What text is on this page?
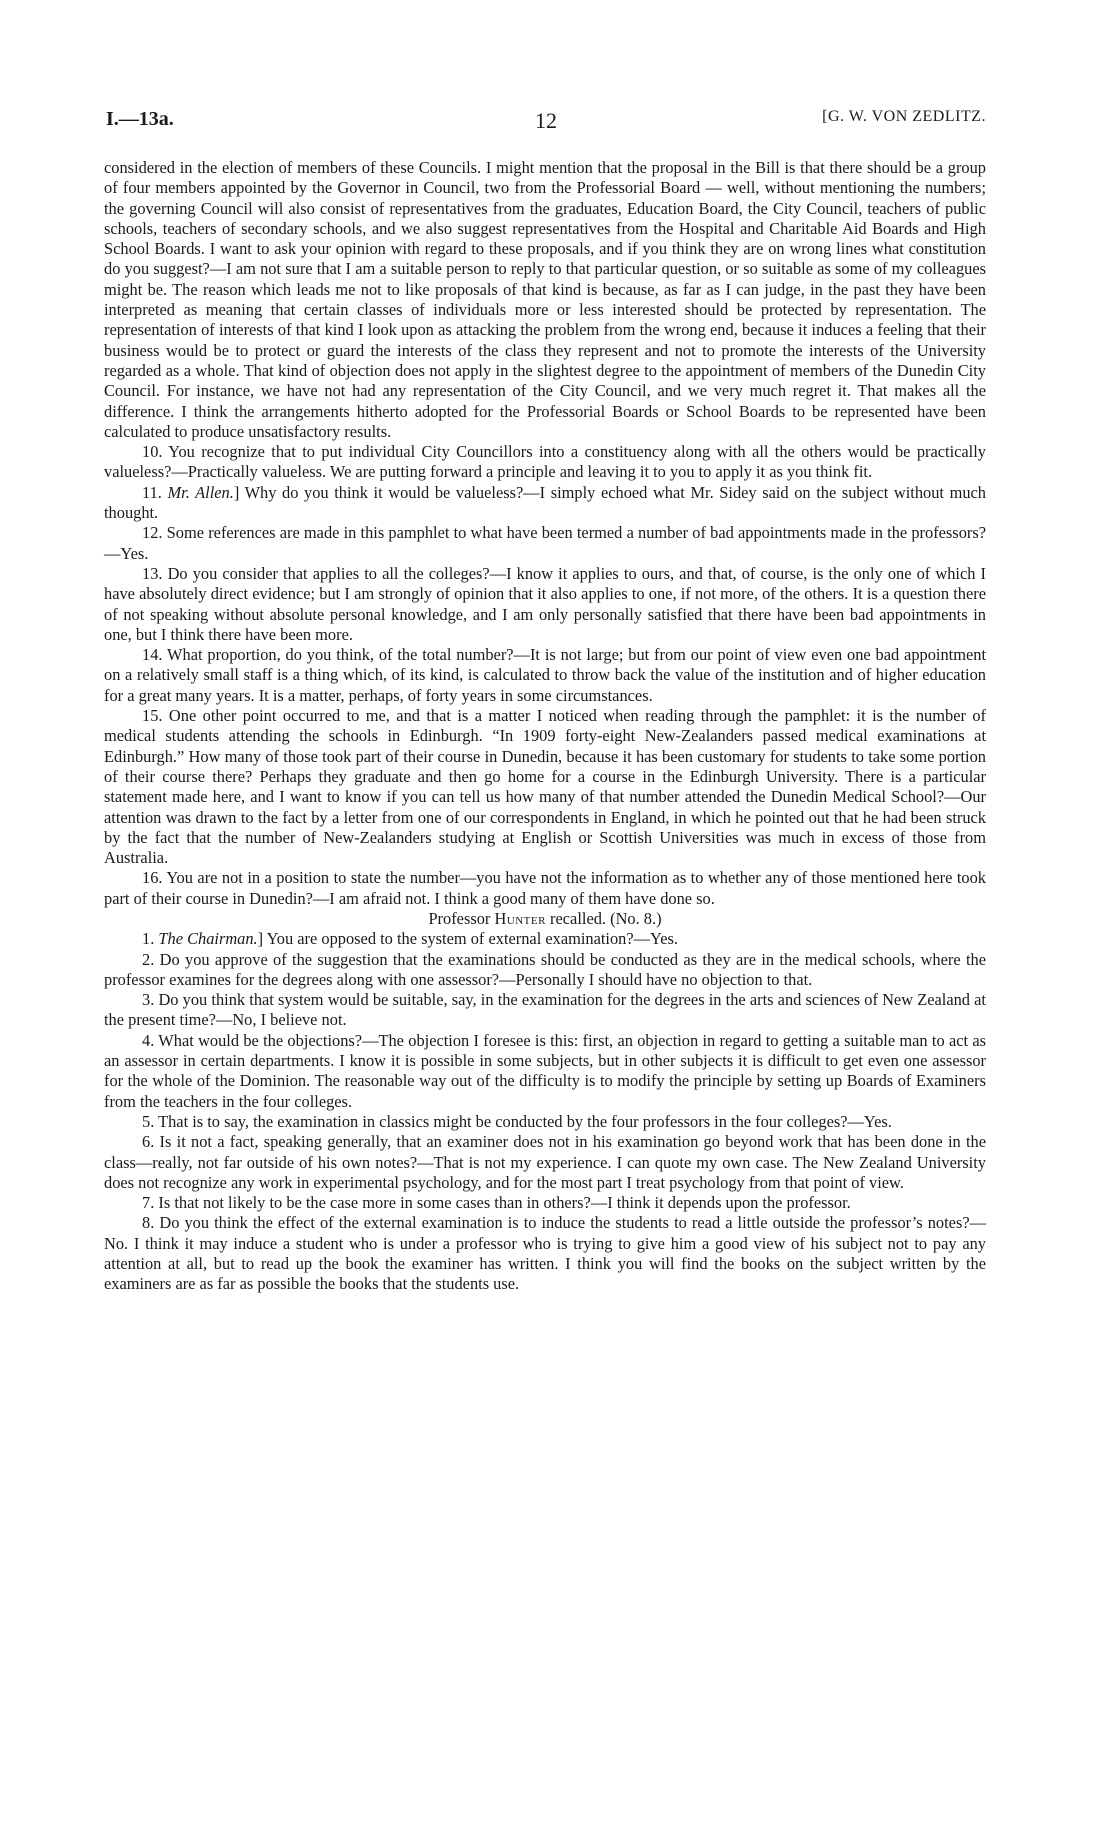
I.—13a.	12	[G. W. VON ZEDLITZ.

considered in the election of members of these Councils. I might mention that the proposal in the Bill is that there should be a group of four members appointed by the Governor in Council, two from the Professorial Board — well, without mentioning the numbers; the governing Council will also consist of representatives from the graduates, Education Board, the City Council, teachers of public schools, teachers of secondary schools, and we also suggest representatives from the Hospital and Charitable Aid Boards and High School Boards. I want to ask your opinion with regard to these proposals, and if you think they are on wrong lines what constitution do you suggest?—I am not sure that I am a suitable person to reply to that particular question, or so suitable as some of my colleagues might be. The reason which leads me not to like proposals of that kind is because, as far as I can judge, in the past they have been interpreted as meaning that certain classes of individuals more or less interested should be protected by representation. The representation of interests of that kind I look upon as attacking the problem from the wrong end, because it induces a feeling that their business would be to protect or guard the interests of the class they represent and not to promote the interests of the University regarded as a whole. That kind of objection does not apply in the slightest degree to the appointment of members of the Dunedin City Council. For instance, we have not had any representation of the City Council, and we very much regret it. That makes all the difference. I think the arrangements hitherto adopted for the Professorial Boards or School Boards to be represented have been calculated to produce unsatisfactory results.

10. You recognize that to put individual City Councillors into a constituency along with all the others would be practically valueless?—Practically valueless. We are putting forward a principle and leaving it to you to apply it as you think fit.

11. Mr. Allen.] Why do you think it would be valueless?—I simply echoed what Mr. Sidey said on the subject without much thought.

12. Some references are made in this pamphlet to what have been termed a number of bad appointments made in the professors?—Yes.

13. Do you consider that applies to all the colleges?—I know it applies to ours, and that, of course, is the only one of which I have absolutely direct evidence; but I am strongly of opinion that it also applies to one, if not more, of the others. It is a question there of not speaking without absolute personal knowledge, and I am only personally satisfied that there have been bad appointments in one, but I think there have been more.

14. What proportion, do you think, of the total number?—It is not large; but from our point of view even one bad appointment on a relatively small staff is a thing which, of its kind, is calculated to throw back the value of the institution and of higher education for a great many years. It is a matter, perhaps, of forty years in some circumstances.

15. One other point occurred to me, and that is a matter I noticed when reading through the pamphlet: it is the number of medical students attending the schools in Edinburgh. “In 1909 forty-eight New-Zealanders passed medical examinations at Edinburgh.” How many of those took part of their course in Dunedin, because it has been customary for students to take some portion of their course there? Perhaps they graduate and then go home for a course in the Edinburgh University. There is a particular statement made here, and I want to know if you can tell us how many of that number attended the Dunedin Medical School?—Our attention was drawn to the fact by a letter from one of our correspondents in England, in which he pointed out that he had been struck by the fact that the number of New-Zealanders studying at English or Scottish Universities was much in excess of those from Australia.

16. You are not in a position to state the number—you have not the information as to whether any of those mentioned here took part of their course in Dunedin?—I am afraid not. I think a good many of them have done so.

Professor Hunter recalled. (No. 8.)

1. The Chairman.] You are opposed to the system of external examination?—Yes.

2. Do you approve of the suggestion that the examinations should be conducted as they are in the medical schools, where the professor examines for the degrees along with one assessor?—Personally I should have no objection to that.

3. Do you think that system would be suitable, say, in the examination for the degrees in the arts and sciences of New Zealand at the present time?—No, I believe not.

4. What would be the objections?—The objection I foresee is this: first, an objection in regard to getting a suitable man to act as an assessor in certain departments. I know it is possible in some subjects, but in other subjects it is difficult to get even one assessor for the whole of the Dominion. The reasonable way out of the difficulty is to modify the principle by setting up Boards of Examiners from the teachers in the four colleges.

5. That is to say, the examination in classics might be conducted by the four professors in the four colleges?—Yes.

6. Is it not a fact, speaking generally, that an examiner does not in his examination go beyond work that has been done in the class—really, not far outside of his own notes?—That is not my experience. I can quote my own case. The New Zealand University does not recognize any work in experimental psychology, and for the most part I treat psychology from that point of view.

7. Is that not likely to be the case more in some cases than in others?—I think it depends upon the professor.

8. Do you think the effect of the external examination is to induce the students to read a little outside the professor’s notes?—No. I think it may induce a student who is under a professor who is trying to give him a good view of his subject not to pay any attention at all, but to read up the book the examiner has written. I think you will find the books on the subject written by the examiners are as far as possible the books that the students use.
